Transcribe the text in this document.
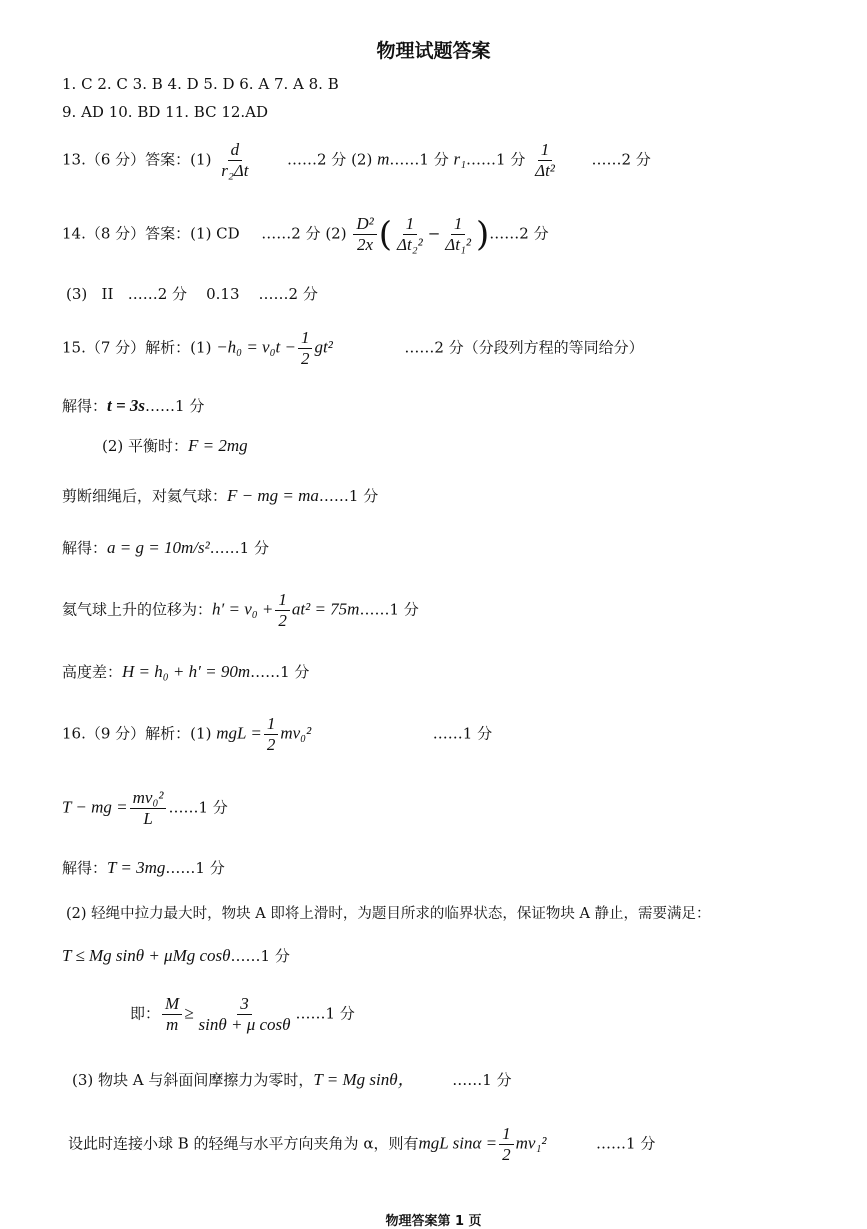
物理试题答案
1. C 2. C 3. B 4. D 5. D 6. A 7. A 8. B
9. AD 10. BD 11. BC 12.AD
13.（6 分）答案：$(1) \frac{d}{\text{r₂Δt}}$ ……2 分 (2) m……1 分 r₁……1 分 $\frac{1}{\text{Δt²}}$ ……2 分
14.（8 分）答案：(1) CD ……2 分 $(2) \frac{\text{D²}}{2x}$ ( $\frac{1}{\text{Δt₂²}} - \frac{1}{\text{Δt₁²}}$ )……2 分
(3)   II   ……2 分    0.13    ……2 分
15.（7 分）解析：$(1) -h_0 = v_0t - \frac{1}{2} gt^2$	……2 分（分段列方程的等同给分）
解得：t = 3s……1 分
(2) 平衡时：F = 2mg
剪断细绳后，对氦气球：F − mg = ma……1 分
解得：a = g = 10m/s²……1 分
氦气球上升的位移为：$h' = v_0 + \frac{1}{2} at^2$ = 75m……1 分
高度差：H = h₀ + h′ = 90m……1 分
16.（9 分）解析：(1) mgL = $\frac{1}{2} mv_0^2$	……1 分
T − mg = $\frac{\text{mv₀²}}{L}$ ……1 分
解得：T = 3mg……1 分
(2) 轻绳中拉力最大时，物块 A 即将上滑时，为题目所求的临界状态，保证物块 A 静止，需要满足：
T ≤ Mg sinθ + μMg cosθ……1 分
即： $\frac{M}{m} \ge \frac{3}{\text{sinθ + μ cosθ}}$ ……1 分
(3) 物块 A 与斜面间摩擦力为零时，T = Mg sinθ，	……1 分
设此时连接小球 B 的轻绳与水平方向夹角为 α，则有mgL $\sin\alpha = \frac{1}{2} mv_1^2$	……1 分
物理答案第 1 页
